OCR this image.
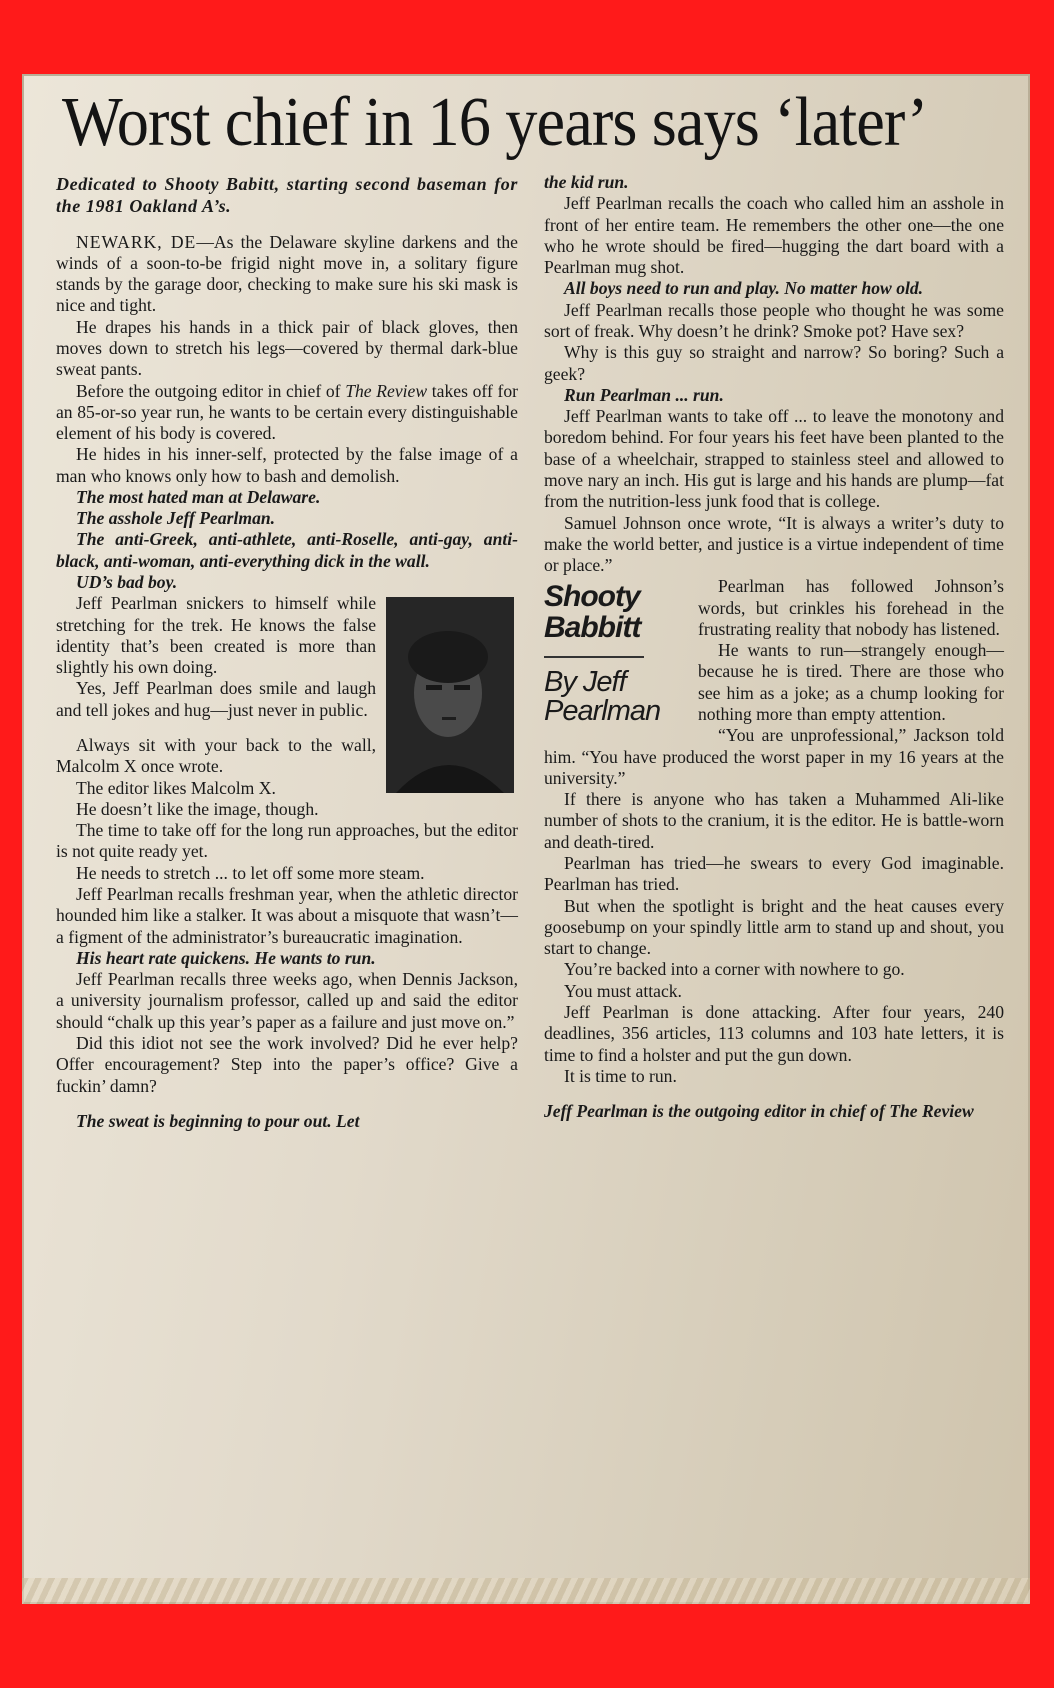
Worst chief in 16 years says ‘later’

Dedicated to Shooty Babitt, starting second baseman for the 1981 Oakland A’s.

NEWARK, DE—As the Delaware skyline darkens and the winds of a soon-to-be frigid night move in, a solitary figure stands by the garage door, checking to make sure his ski mask is nice and tight.

He drapes his hands in a thick pair of black gloves, then moves down to stretch his legs—covered by thermal dark-blue sweat pants.

Before the outgoing editor in chief of The Review takes off for an 85-or-so year run, he wants to be certain every distinguishable element of his body is covered.

He hides in his inner-self, protected by the false image of a man who knows only how to bash and demolish.

The most hated man at Delaware.

The asshole Jeff Pearlman.

The anti-Greek, anti-athlete, anti-Roselle, anti-gay, anti-black, anti-woman, anti-everything dick in the wall.

UD’s bad boy.

Jeff Pearlman snickers to himself while stretching for the trek. He knows the false identity that’s been created is more than slightly his own doing.

Yes, Jeff Pearlman does smile and laugh and tell jokes and hug—just never in public.

Always sit with your back to the wall, Malcolm X once wrote.

The editor likes Malcolm X.

He doesn’t like the image, though.

The time to take off for the long run approaches, but the editor is not quite ready yet.

He needs to stretch ... to let off some more steam.

Jeff Pearlman recalls freshman year, when the athletic director hounded him like a stalker. It was about a misquote that wasn’t—a figment of the administrator’s bureaucratic imagination.

His heart rate quickens. He wants to run.

Jeff Pearlman recalls three weeks ago, when Dennis Jackson, a university journalism professor, called up and said the editor should “chalk up this year’s paper as a failure and just move on.”

Did this idiot not see the work involved? Did he ever help? Offer encouragement? Step into the paper’s office? Give a fuckin’ damn?

The sweat is beginning to pour out. Let

the kid run.

Jeff Pearlman recalls the coach who called him an asshole in front of her entire team. He remembers the other one—the one who he wrote should be fired—hugging the dart board with a Pearlman mug shot.

All boys need to run and play. No matter how old.

Jeff Pearlman recalls those people who thought he was some sort of freak. Why doesn’t he drink? Smoke pot? Have sex?

Why is this guy so straight and narrow? So boring? Such a geek?

Run Pearlman ... run.

Jeff Pearlman wants to take off ... to leave the monotony and boredom behind. For four years his feet have been planted to the base of a wheelchair, strapped to stainless steel and allowed to move nary an inch. His gut is large and his hands are plump—fat from the nutrition-less junk food that is college.

Samuel Johnson once wrote, “It is always a writer’s duty to make the world better, and justice is a virtue independent of time or place.”

Shooty Babbitt
By Jeff Pearlman

Pearlman has followed Johnson’s words, but crinkles his forehead in the frustrating reality that nobody has listened.

He wants to run—strangely enough—because he is tired. There are those who see him as a joke; as a chump looking for nothing more than empty attention.

“You are unprofessional,” Jackson told him. “You have produced the worst paper in my 16 years at the university.”

If there is anyone who has taken a Muhammed Ali-like number of shots to the cranium, it is the editor. He is battle-worn and death-tired.

Pearlman has tried—he swears to every God imaginable. Pearlman has tried.

But when the spotlight is bright and the heat causes every goosebump on your spindly little arm to stand up and shout, you start to change.

You’re backed into a corner with nowhere to go.

You must attack.

Jeff Pearlman is done attacking. After four years, 240 deadlines, 356 articles, 113 columns and 103 hate letters, it is time to find a holster and put the gun down.

It is time to run.

Jeff Pearlman is the outgoing editor in chief of The Review
